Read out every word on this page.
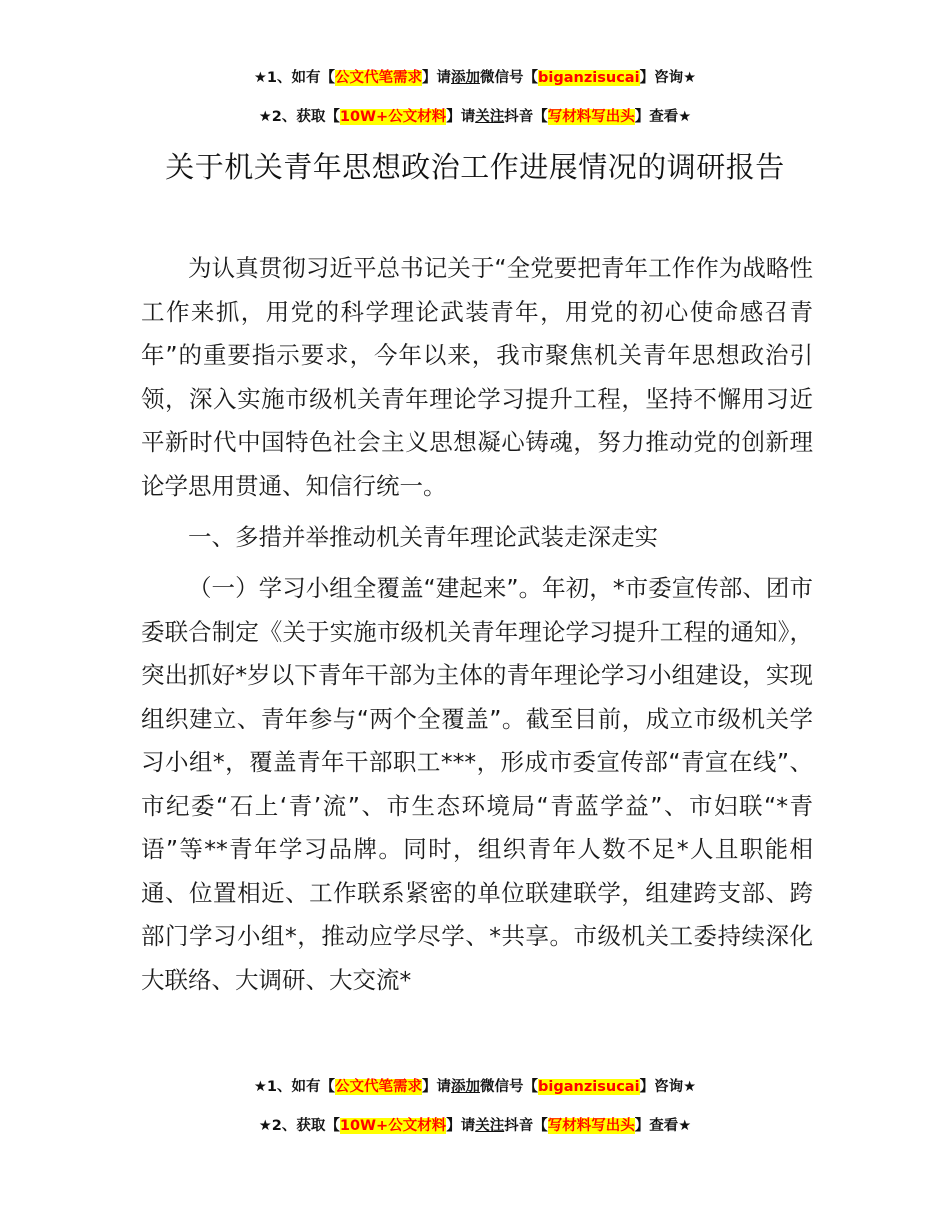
★1、如有【公文代笔需求】请添加微信号【biganzisucai】咨询★
★2、获取【10W+公文材料】请关注抖音【写材料写出头】查看★
关于机关青年思想政治工作进展情况的调研报告

为认真贯彻习近平总书记关于“全党要把青年工作作为战略性工作来抓，用党的科学理论武装青年，用党的初心使命感召青年”的重要指示要求，今年以来，我市聚焦机关青年思想政治引领，深入实施市级机关青年理论学习提升工程，坚持不懈用习近平新时代中国特色社会主义思想凝心铸魂，努力推动党的创新理论学思用贯通、知信行统一。

一、多措并举推动机关青年理论武装走深走实

（一）学习小组全覆盖“建起来”。年初，*市委宣传部、团市委联合制定《关于实施市级机关青年理论学习提升工程的通知》，突出抓好*岁以下青年干部为主体的青年理论学习小组建设，实现组织建立、青年参与“两个全覆盖”。截至目前，成立市级机关学习小组*，覆盖青年干部职工***，形成市委宣传部“青宣在线”、市纪委“石上‘青’流”、市生态环境局“青蓝学益”、市妇联“*青语”等**青年学习品牌。同时，组织青年人数不足*人且职能相通、位置相近、工作联系紧密的单位联建联学，组建跨支部、跨部门学习小组*，推动应学尽学、*共享。市级机关工委持续深化大联络、大调研、大交流*

★1、如有【公文代笔需求】请添加微信号【biganzisucai】咨询★
★2、获取【10W+公文材料】请关注抖音【写材料写出头】查看★
